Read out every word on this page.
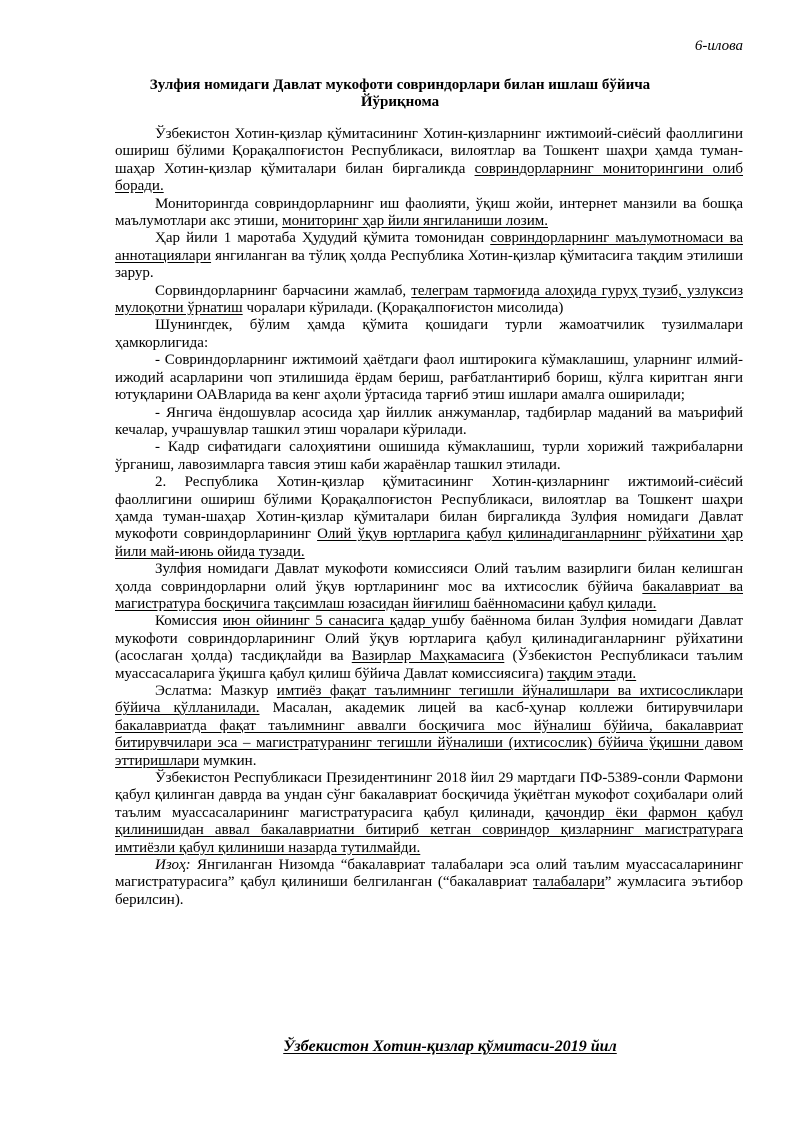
6-илова
Зулфия номидаги Давлат мукофоти совриндорлари билан ишлаш бўйича
Йўриқнома

Ўзбекистон Хотин-қизлар қўмитасининг Хотин-қизларнинг ижтимоий-сиёсий фаоллигини ошириш бўлими Қорақалпоғистон Республикаси, вилоятлар ва Тошкент шаҳри ҳамда туман-шаҳар Хотин-қизлар қўмиталари билан биргаликда совриндорларнинг мониторингини олиб боради.

Мониторингда совриндорларнинг иш фаолияти, ўқиш жойи, интернет манзили ва бошқа маълумотлари акс этиши, мониторинг ҳар йили янгиланиши лозим.

Ҳар йили 1 маротаба Ҳудудий қўмита томонидан совриндорларнинг маълумотномаси ва аннотациялари янгиланган ва тўлиқ ҳолда Республика Хотин-қизлар қўмитасига тақдим этилиши зарур.

Сорвиндорларнинг барчасини жамлаб, телеграм тармоғида алоҳида гуруҳ тузиб, узлуксиз мулоқотни ўрнатиш чоралари кўрилади. (Қорақалпоғистон мисолида)

Шунингдек, бўлим ҳамда қўмита қошидаги турли жамоатчилик тузилмалари ҳамкорлигида:

- Совриндорларнинг ижтимоий ҳаётдаги фаол иштирокига кўмаклашиш, уларнинг илмий-ижодий асарларини чоп этилишида ёрдам бериш, рағбатлантириб бориш, кўлга киритган янги ютуқларини ОАВларида ва кенг аҳоли ўртасида тарғиб этиш ишлари амалга оширилади;

- Янгича ёндошувлар асосида ҳар йиллик анжуманлар, тадбирлар маданий ва маърифий кечалар, учрашувлар ташкил этиш чоралари кўрилади.

- Кадр сифатидаги салоҳиятини ошишида кўмаклашиш, турли хорижий тажрибаларни ўрганиш, лавозимларга тавсия этиш каби жараёнлар ташкил этилади.

2. Республика Хотин-қизлар қўмитасининг Хотин-қизларнинг ижтимоий-сиёсий фаоллигини ошириш бўлими Қорақалпоғистон Республикаси, вилоятлар ва Тошкент шаҳри ҳамда туман-шаҳар Хотин-қизлар қўмиталари билан биргаликда Зулфия номидаги Давлат мукофоти совриндорларининг Олий ўқув юртларига қабул қилинадиганларнинг рўйхатини ҳар йили май-июнь ойида тузади.

Зулфия номидаги Давлат мукофоти комиссияси Олий таълим вазирлиги билан келишган ҳолда совриндорларни олий ўқув юртларининг мос ва ихтисослик бўйича бакалавриат ва магистратура босқичига тақсимлаш юзасидан йиғилиш баённомасини қабул қилади.

Комиссия июн ойининг 5 санасига қадар ушбу баённома билан Зулфия номидаги Давлат мукофоти совриндорларининг Олий ўқув юртларига қабул қилинадиганларнинг рўйхатини (асослаган ҳолда) тасдиқлайди ва Вазирлар Маҳкамасига (Ўзбекистон Республикаси таълим муассасаларига ўқишга қабул қилиш бўйича Давлат комиссиясига) тақдим этади.

Эслатма: Мазкур имтиёз фақат таълимнинг тегишли йўналишлари ва ихтисосликлари бўйича қўлланилади. Масалан, академик лицей ва касб-ҳунар коллежи битирувчилари бакалавриатда фақат таълимнинг аввалги босқичига мос йўналиш бўйича, бакалавриат битирувчилари эса – магистратуранинг тегишли йўналиши (ихтисослик) бўйича ўқишни давом эттиришлари мумкин.

Ўзбекистон Республикаси Президентининг 2018 йил 29 мартдаги ПФ-5389-сонли Фармони қабул қилинган даврда ва ундан сўнг бакалавриат босқичида ўқиётган мукофот соҳибалари олий таълим муассасаларининг магистратурасига қабул қилинади, қачондир ёки фармон қабул қилинишидан аввал бакалавриатни битириб кетган совриндор қизларнинг магистратурага имтиёзли қабул қилиниши назарда тутилмайди.

Изоҳ: Янгиланган Низомда “бакалавриат талабалари эса олий таълим муассасаларининг магистратурасига” қабул қилиниши белгиланган (“бакалавриат талабалари” жумласига эътибор берилсин).

Ўзбекистон Хотин-қизлар қўмитаси-2019 йил
